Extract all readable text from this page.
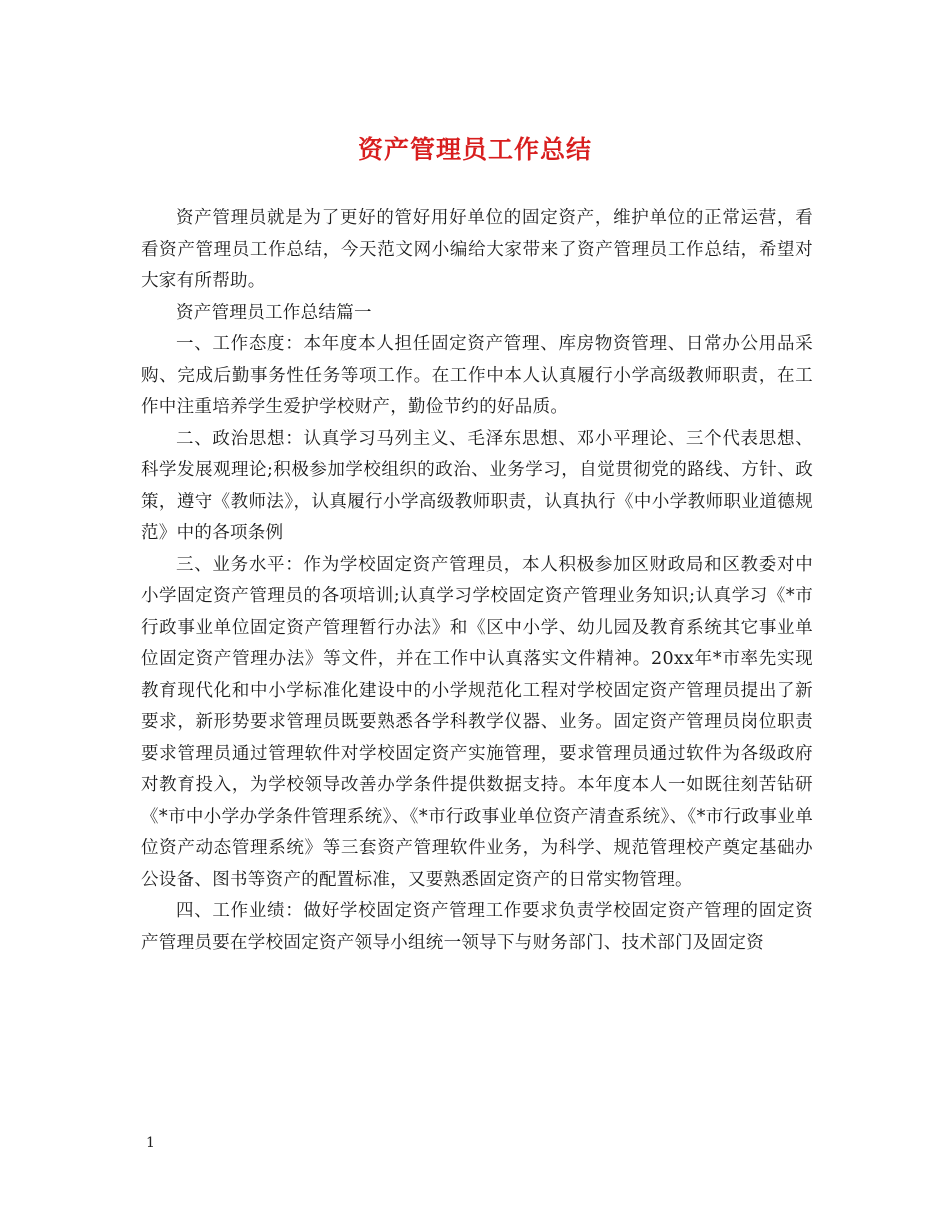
资产管理员工作总结

资产管理员就是为了更好的管好用好单位的固定资产，维护单位的正常运营，看看资产管理员工作总结，今天范文网小编给大家带来了资产管理员工作总结，希望对大家有所帮助。

资产管理员工作总结篇一

一、工作态度：本年度本人担任固定资产管理、库房物资管理、日常办公用品采购、完成后勤事务性任务等项工作。在工作中本人认真履行小学高级教师职责，在工作中注重培养学生爱护学校财产，勤俭节约的好品质。

二、政治思想：认真学习马列主义、毛泽东思想、邓小平理论、三个代表思想、科学发展观理论;积极参加学校组织的政治、业务学习，自觉贯彻党的路线、方针、政策，遵守《教师法》，认真履行小学高级教师职责，认真执行《中小学教师职业道德规范》中的各项条例

三、业务水平：作为学校固定资产管理员，本人积极参加区财政局和区教委对中小学固定资产管理员的各项培训;认真学习学校固定资产管理业务知识;认真学习《*市行政事业单位固定资产管理暂行办法》和《区中小学、幼儿园及教育系统其它事业单位固定资产管理办法》等文件，并在工作中认真落实文件精神。20xx年*市率先实现教育现代化和中小学标准化建设中的小学规范化工程对学校固定资产管理员提出了新要求，新形势要求管理员既要熟悉各学科教学仪器、业务。固定资产管理员岗位职责要求管理员通过管理软件对学校固定资产实施管理，要求管理员通过软件为各级政府对教育投入，为学校领导改善办学条件提供数据支持。本年度本人一如既往刻苦钻研《*市中小学办学条件管理系统》、《*市行政事业单位资产清查系统》、《*市行政事业单位资产动态管理系统》等三套资产管理软件业务，为科学、规范管理校产奠定基础办公设备、图书等资产的配置标准，又要熟悉固定资产的日常实物管理。

四、工作业绩：做好学校固定资产管理工作要求负责学校固定资产管理的固定资产管理员要在学校固定资产领导小组统一领导下与财务部门、技术部门及固定资

1
